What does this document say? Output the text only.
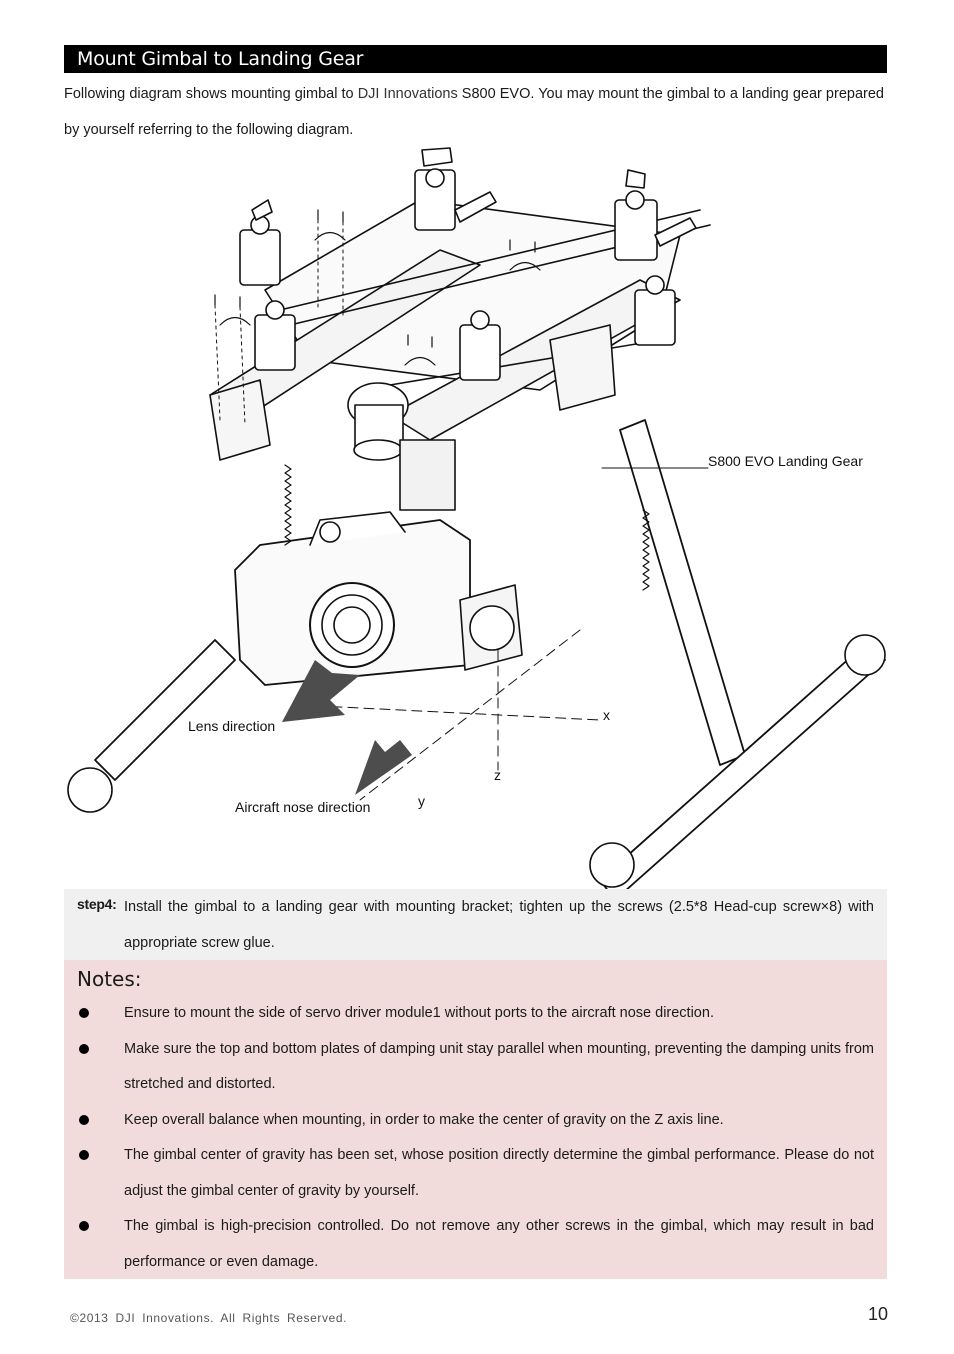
Mount Gimbal to Landing Gear
Following diagram shows mounting gimbal to DJI Innovations S800 EVO. You may mount the gimbal to a landing gear prepared by yourself referring to the following diagram.
S800 EVO Landing Gear
Lens direction
Aircraft nose direction
x
y
z
step4: Install the gimbal to a landing gear with mounting bracket; tighten up the screws (2.5*8 Head-cup screw×8) with appropriate screw glue.
Notes:
Ensure to mount the side of servo driver module1 without ports to the aircraft nose direction.
Make sure the top and bottom plates of damping unit stay parallel when mounting, preventing the damping units from stretched and distorted.
Keep overall balance when mounting, in order to make the center of gravity on the Z axis line.
The gimbal center of gravity has been set, whose position directly determine the gimbal performance. Please do not adjust the gimbal center of gravity by yourself.
The gimbal is high-precision controlled. Do not remove any other screws in the gimbal, which may result in bad performance or even damage.
©2013 DJI Innovations. All Rights Reserved.	10
